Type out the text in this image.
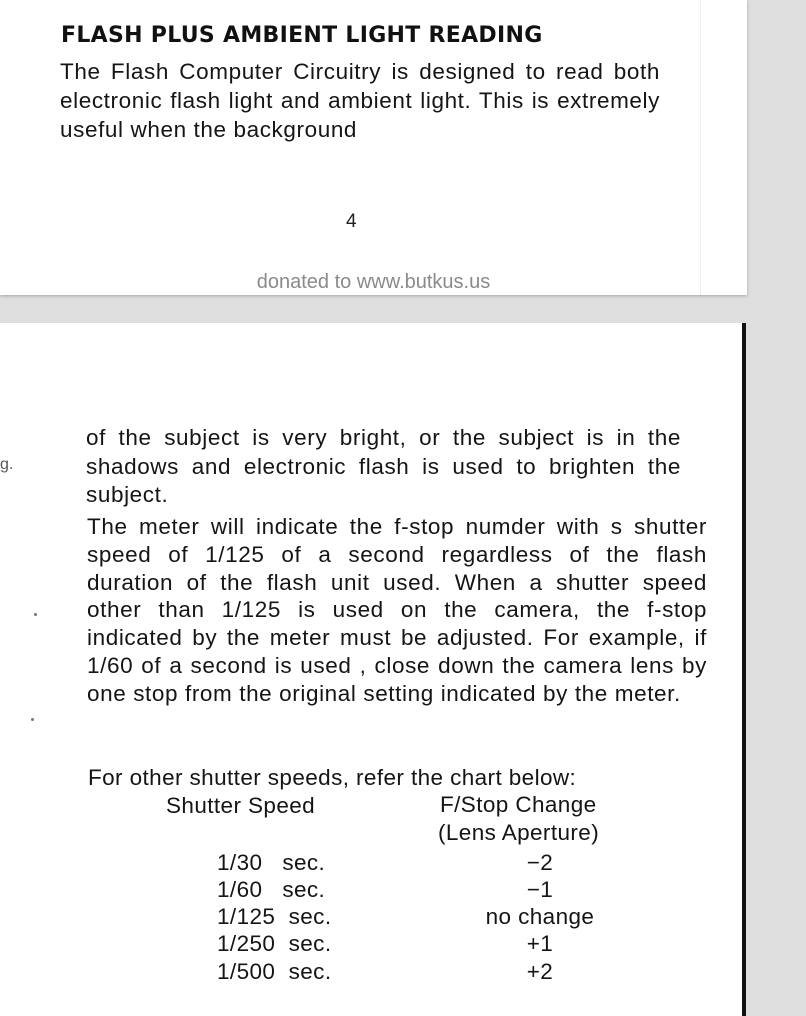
FLASH PLUS AMBIENT LIGHT READING

The Flash Computer Circuitry is designed to read both electronic flash light and ambient light. This is extremely useful when the background

4

donated to www.butkus.us

g.

of the subject is very bright, or the subject is in the shadows and electronic flash is used to brighten the subject.

The meter will indicate the f-stop numder with s shutter speed of 1/125 of a second regardless of the flash duration of the flash unit used. When a shutter speed other than 1/125 is used on the camera, the f-stop indicated by the meter must be adjusted. For example, if 1/60 of a second is used , close down the camera lens by one stop from the original setting indicated by the meter.

For other shutter speeds, refer the chart below:

Shutter Speed	F/Stop Change
(Lens Aperture)
1/30   sec.	−2
1/60   sec.	−1
1/125  sec.	no change
1/250  sec.	+1
1/500  sec.	+2
